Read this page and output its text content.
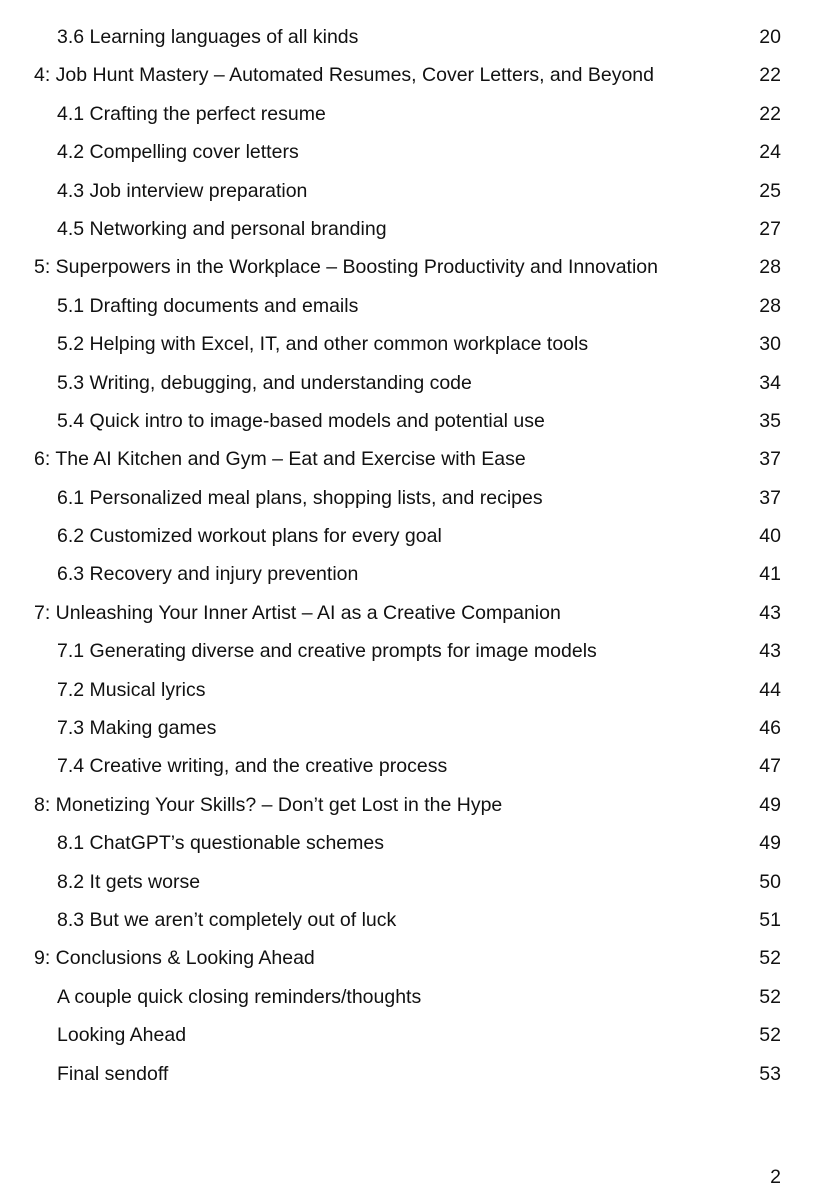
3.6 Learning languages of all kinds	20
4: Job Hunt Mastery – Automated Resumes, Cover Letters, and Beyond	22
4.1 Crafting the perfect resume	22
4.2 Compelling cover letters	24
4.3 Job interview preparation	25
4.5 Networking and personal branding	27
5: Superpowers in the Workplace – Boosting Productivity and Innovation	28
5.1 Drafting documents and emails	28
5.2 Helping with Excel, IT, and other common workplace tools	30
5.3 Writing, debugging, and understanding code	34
5.4 Quick intro to image-based models and potential use	35
6: The AI Kitchen and Gym – Eat and Exercise with Ease	37
6.1 Personalized meal plans, shopping lists, and recipes	37
6.2 Customized workout plans for every goal	40
6.3 Recovery and injury prevention	41
7: Unleashing Your Inner Artist – AI as a Creative Companion	43
7.1 Generating diverse and creative prompts for image models	43
7.2 Musical lyrics	44
7.3 Making games	46
7.4 Creative writing, and the creative process	47
8: Monetizing Your Skills? – Don’t get Lost in the Hype	49
8.1 ChatGPT’s questionable schemes	49
8.2 It gets worse	50
8.3 But we aren’t completely out of luck	51
9: Conclusions & Looking Ahead	52
A couple quick closing reminders/thoughts	52
Looking Ahead	52
Final sendoff	53
2
